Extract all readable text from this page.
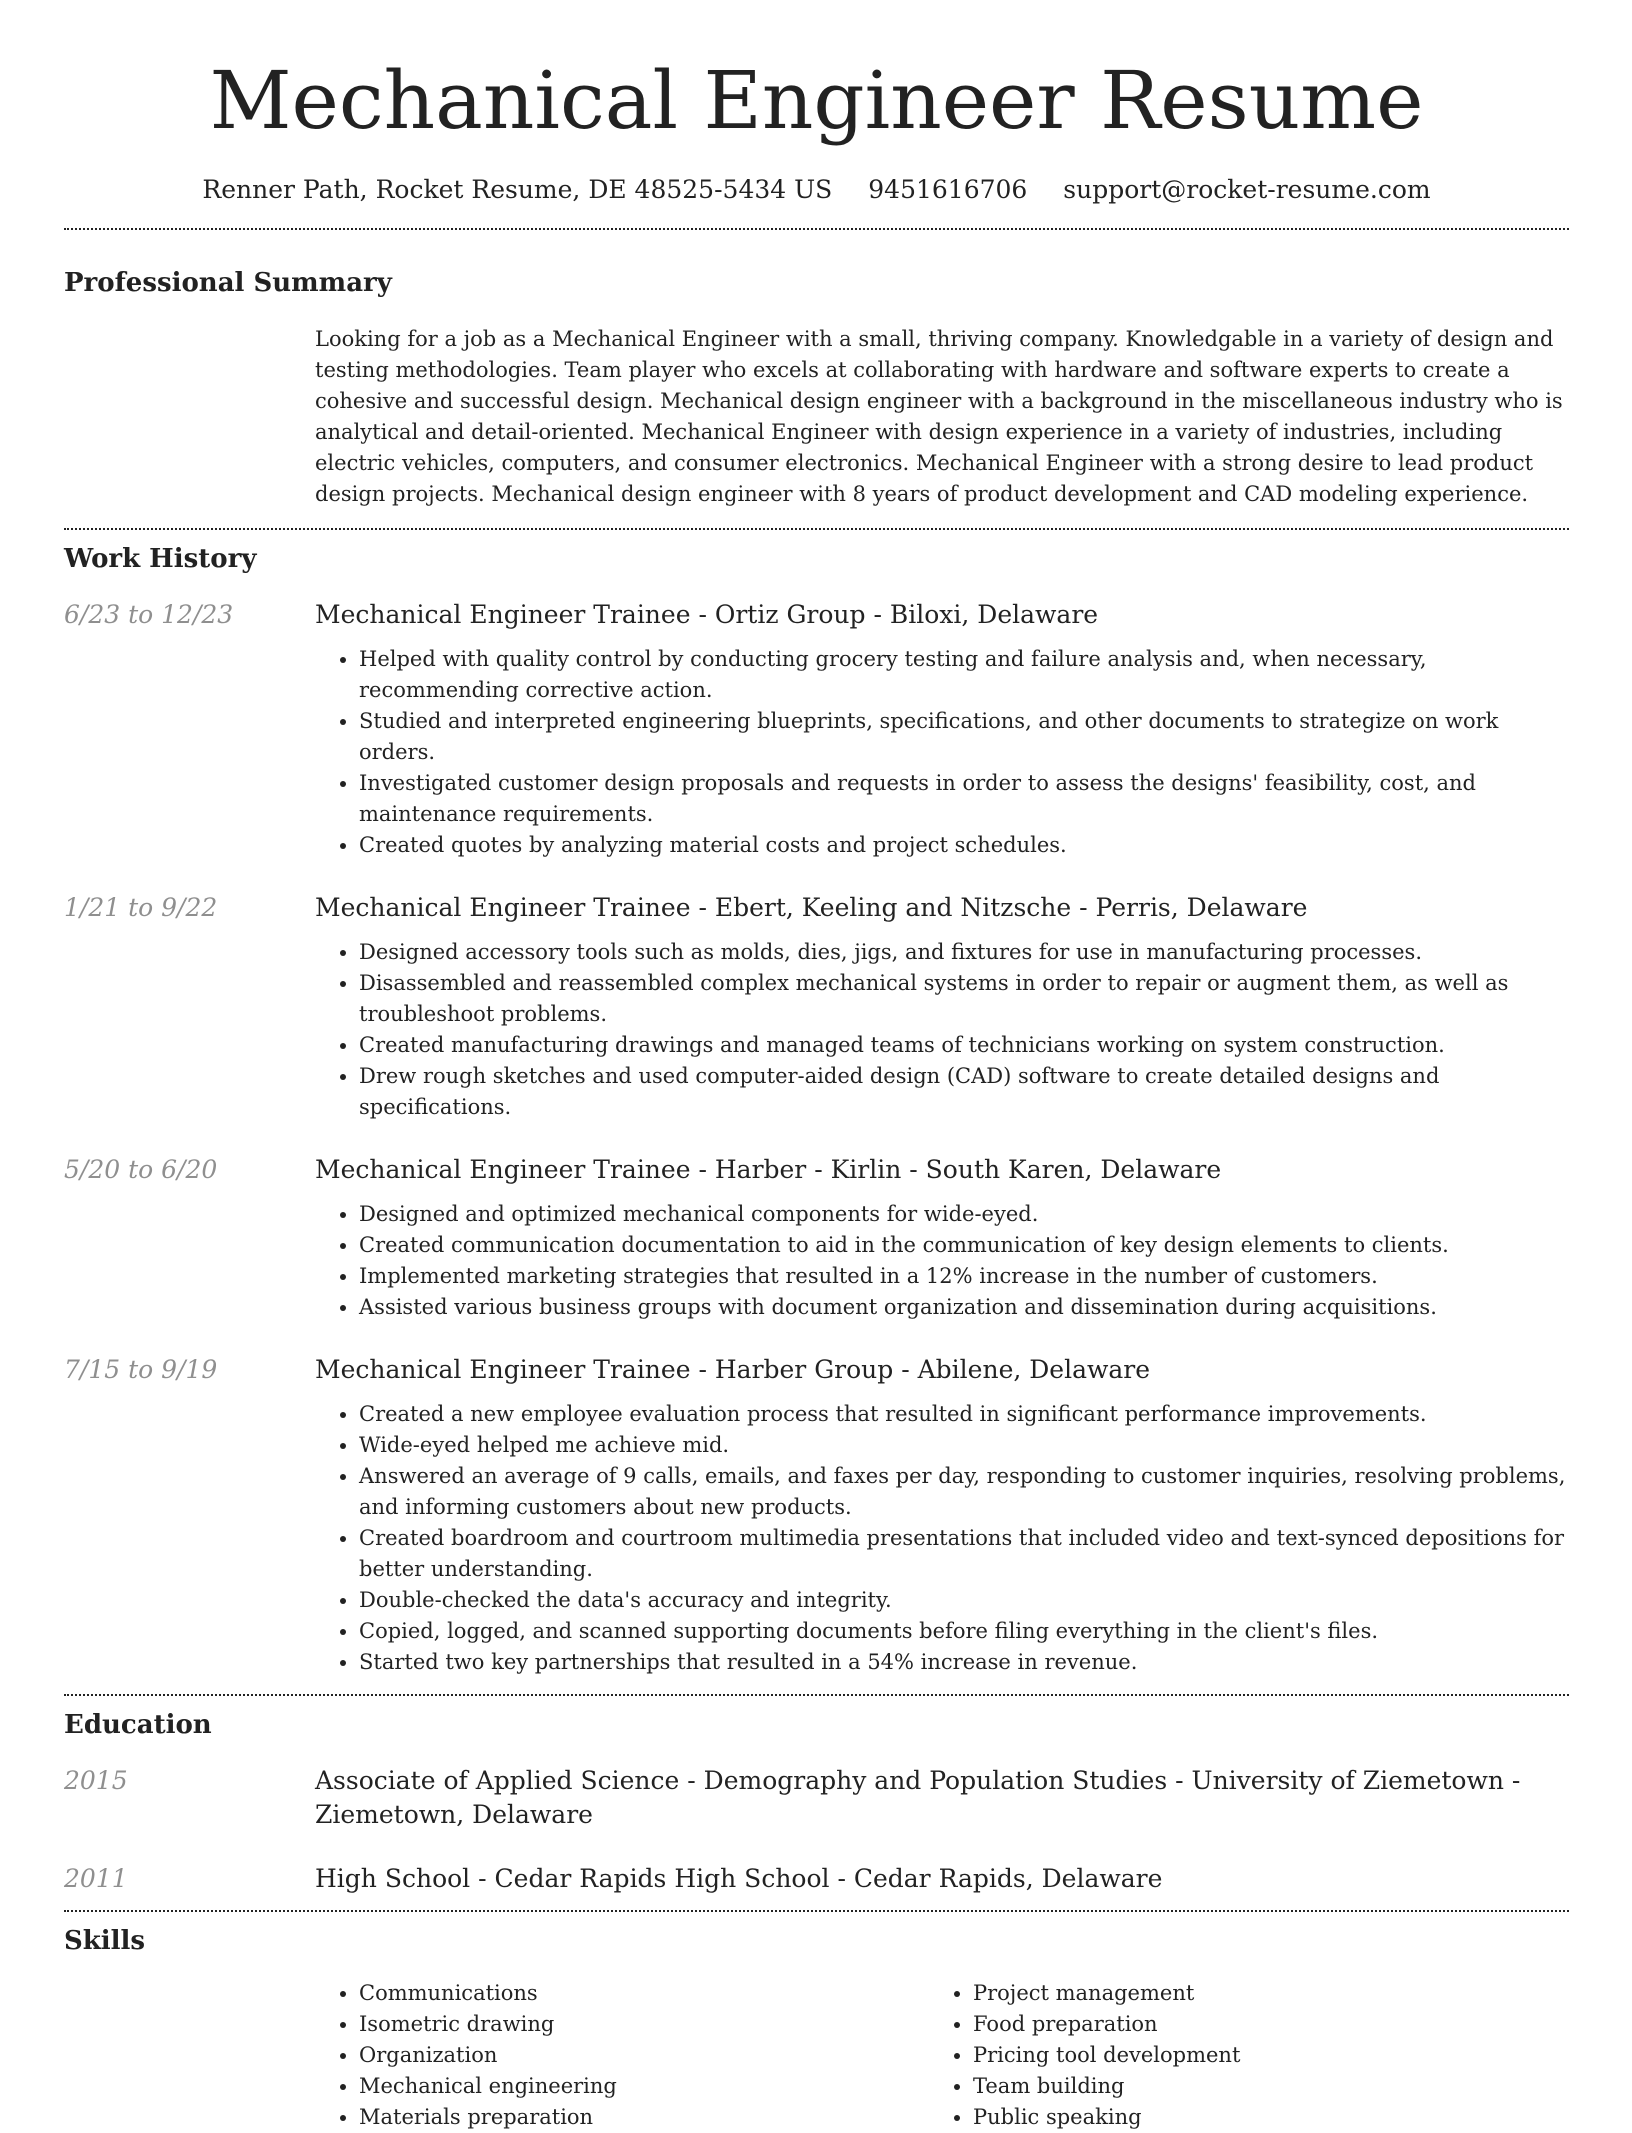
Mechanical Engineer Resume
Renner Path, Rocket Resume, DE 48525-5434 US 9451616706 support@rocket-resume.com
Professional Summary
Looking for a job as a Mechanical Engineer with a small, thriving company. Knowledgable in a variety of design and testing methodologies. Team player who excels at collaborating with hardware and software experts to create a cohesive and successful design. Mechanical design engineer with a background in the miscellaneous industry who is analytical and detail-oriented. Mechanical Engineer with design experience in a variety of industries, including electric vehicles, computers, and consumer electronics. Mechanical Engineer with a strong desire to lead product design projects. Mechanical design engineer with 8 years of product development and CAD modeling experience.
Work History
6/23 to 12/23	Mechanical Engineer Trainee - Ortiz Group - Biloxi, Delaware
• Helped with quality control by conducting grocery testing and failure analysis and, when necessary, recommending corrective action.
• Studied and interpreted engineering blueprints, specifications, and other documents to strategize on work orders.
• Investigated customer design proposals and requests in order to assess the designs' feasibility, cost, and maintenance requirements.
• Created quotes by analyzing material costs and project schedules.
1/21 to 9/22	Mechanical Engineer Trainee - Ebert, Keeling and Nitzsche - Perris, Delaware
• Designed accessory tools such as molds, dies, jigs, and fixtures for use in manufacturing processes.
• Disassembled and reassembled complex mechanical systems in order to repair or augment them, as well as troubleshoot problems.
• Created manufacturing drawings and managed teams of technicians working on system construction.
• Drew rough sketches and used computer-aided design (CAD) software to create detailed designs and specifications.
5/20 to 6/20	Mechanical Engineer Trainee - Harber - Kirlin - South Karen, Delaware
• Designed and optimized mechanical components for wide-eyed.
• Created communication documentation to aid in the communication of key design elements to clients.
• Implemented marketing strategies that resulted in a 12% increase in the number of customers.
• Assisted various business groups with document organization and dissemination during acquisitions.
7/15 to 9/19	Mechanical Engineer Trainee - Harber Group - Abilene, Delaware
• Created a new employee evaluation process that resulted in significant performance improvements.
• Wide-eyed helped me achieve mid.
• Answered an average of 9 calls, emails, and faxes per day, responding to customer inquiries, resolving problems, and informing customers about new products.
• Created boardroom and courtroom multimedia presentations that included video and text-synced depositions for better understanding.
• Double-checked the data's accuracy and integrity.
• Copied, logged, and scanned supporting documents before filing everything in the client's files.
• Started two key partnerships that resulted in a 54% increase in revenue.
Education
2015	Associate of Applied Science - Demography and Population Studies - University of Ziemetown - Ziemetown, Delaware
2011	High School - Cedar Rapids High School - Cedar Rapids, Delaware
Skills
• Communications
• Isometric drawing
• Organization
• Mechanical engineering
• Materials preparation
• Project management
• Food preparation
• Pricing tool development
• Team building
• Public speaking
